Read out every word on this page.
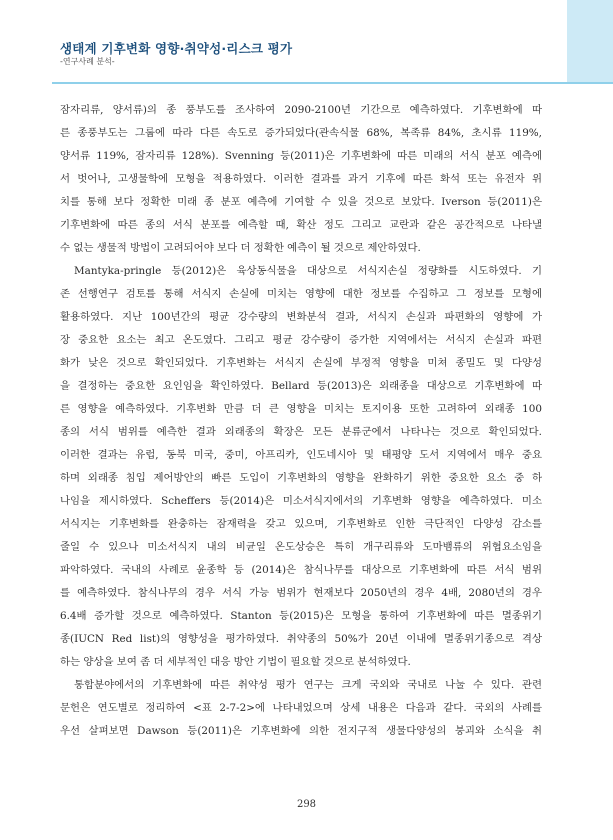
생태계 기후변화 영향·취약성·리스크 평가
-연구사례 분석-
잠자리류, 양서류)의 종 풍부도를 조사하여 2090-2100년 기간으로 예측하였다. 기후변화에 따
른 종풍부도는 그룹에 따라 다른 속도로 증가되었다(관속식물 68%, 복족류 84%, 초시류 119%,
양서류 119%, 잠자리류 128%). Svenning 등(2011)은 기후변화에 따른 미래의 서식 분포 예측에
서 벗어나, 고생물학에 모형을 적용하였다. 이러한 결과를 과거 기후에 따른 화석 또는 유전자 위
치를 통해 보다 정확한 미래 종 분포 예측에 기여할 수 있을 것으로 보았다. Iverson 등(2011)은
기후변화에 따른 종의 서식 분포를 예측할 때, 확산 정도 그리고 교란과 같은 공간적으로 나타낼
수 없는 생물적 방법이 고려되어야 보다 더 정확한 예측이 될 것으로 제안하였다.
Mantyka-pringle 등(2012)은 육상동식물을 대상으로 서식지손실 정량화를 시도하였다. 기
존 선행연구 검토를 통해 서식지 손실에 미치는 영향에 대한 정보를 수집하고 그 정보를 모형에
활용하였다. 지난 100년간의 평균 강수량의 변화분석 결과, 서식지 손실과 파편화의 영향에 가
장 중요한 요소는 최고 온도였다. 그리고 평균 강수량이 증가한 지역에서는 서식지 손실과 파편
화가 낮은 것으로 확인되었다. 기후변화는 서식지 손실에 부정적 영향을 미쳐 종밀도 및 다양성
을 결정하는 중요한 요인임을 확인하였다. Bellard 등(2013)은 외래종을 대상으로 기후변화에 따
른 영향을 예측하였다. 기후변화 만큼 더 큰 영향을 미치는 토지이용 또한 고려하여 외래종 100
종의 서식 범위를 예측한 결과 외래종의 확장은 모든 분류군에서 나타나는 것으로 확인되었다.
이러한 결과는 유럽, 동북 미국, 중미, 아프리카, 인도네시아 및 태평양 도서 지역에서 매우 중요
하며 외래종 침입 제어방안의 빠른 도입이 기후변화의 영향을 완화하기 위한 중요한 요소 중 하
나임을 제시하였다. Scheffers 등(2014)은 미소서식지에서의 기후변화 영향을 예측하였다. 미소
서식지는 기후변화를 완충하는 잠재력을 갖고 있으며, 기후변화로 인한 극단적인 다양성 감소를
줄일 수 있으나 미소서식지 내의 비균일 온도상승은 특히 개구리류와 도마뱀류의 위협요소임을
파악하였다. 국내의 사례로 윤종학 등 (2014)은 참식나무를 대상으로 기후변화에 따른 서식 범위
를 예측하였다. 참식나무의 경우 서식 가능 범위가 현재보다 2050년의 경우 4배, 2080년의 경우
6.4배 증가할 것으로 예측하였다. Stanton 등(2015)은 모형을 통하여 기후변화에 따른 멸종위기
종(IUCN Red list)의 영향성을 평가하였다. 취약종의 50%가 20년 이내에 멸종위기종으로 격상
하는 양상을 보여 좀 더 세부적인 대응 방안 기법이 필요할 것으로 분석하였다.
통합분야에서의 기후변화에 따른 취약성 평가 연구는 크게 국외와 국내로 나눌 수 있다. 관련
문헌은 연도별로 정리하여 <표 2-7-2>에 나타내었으며 상세 내용은 다음과 같다. 국외의 사례를
우선 살펴보면 Dawson 등(2011)은 기후변화에 의한 전지구적 생물다양성의 붕괴와 소식을 취
298
